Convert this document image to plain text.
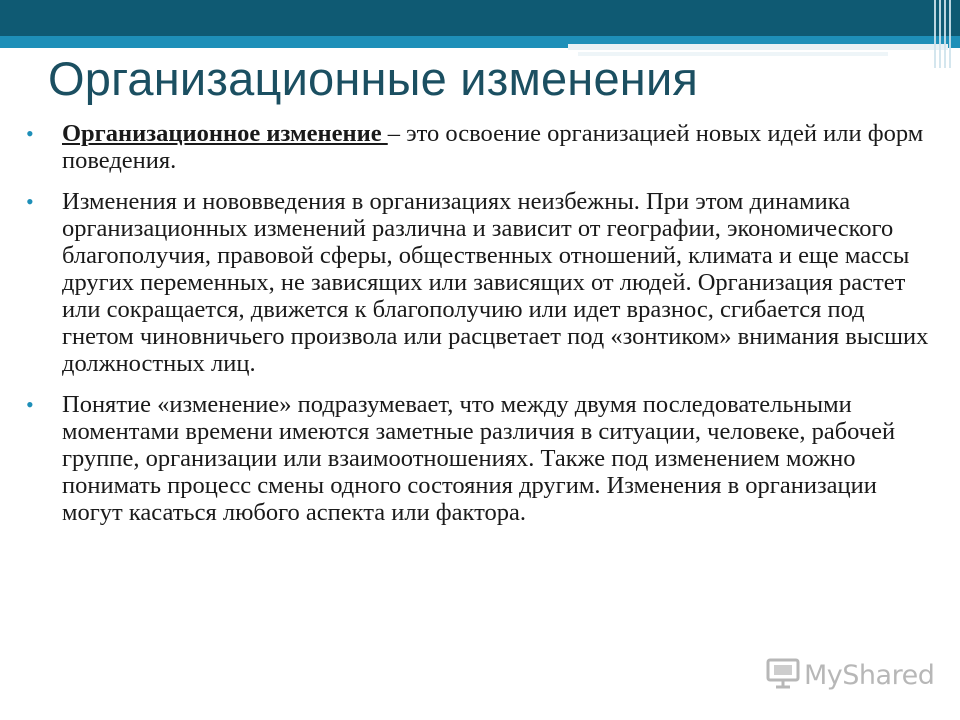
Организационные изменения
• Организационное изменение – это освоение организацией новых идей или форм поведения.
• Изменения и нововведения в организациях неизбежны. При этом динамика организационных изменений различна и зависит от географии, экономического благополучия, правовой сферы, общественных отношений, климата и еще массы других переменных, не зависящих или зависящих от людей. Организация растет или сокращается, движется к благополучию или идет вразнос, сгибается под гнетом чиновничьего произвола или расцветает под «зонтиком» внимания высших должностных лиц.
• Понятие «изменение» подразумевает, что между двумя последовательными моментами времени имеются заметные различия в ситуации, человеке, рабочей группе, организации или взаимоотношениях. Также под изменением можно понимать процесс смены одного состояния другим. Изменения в организации могут касаться любого аспекта или фактора.
MyShared
